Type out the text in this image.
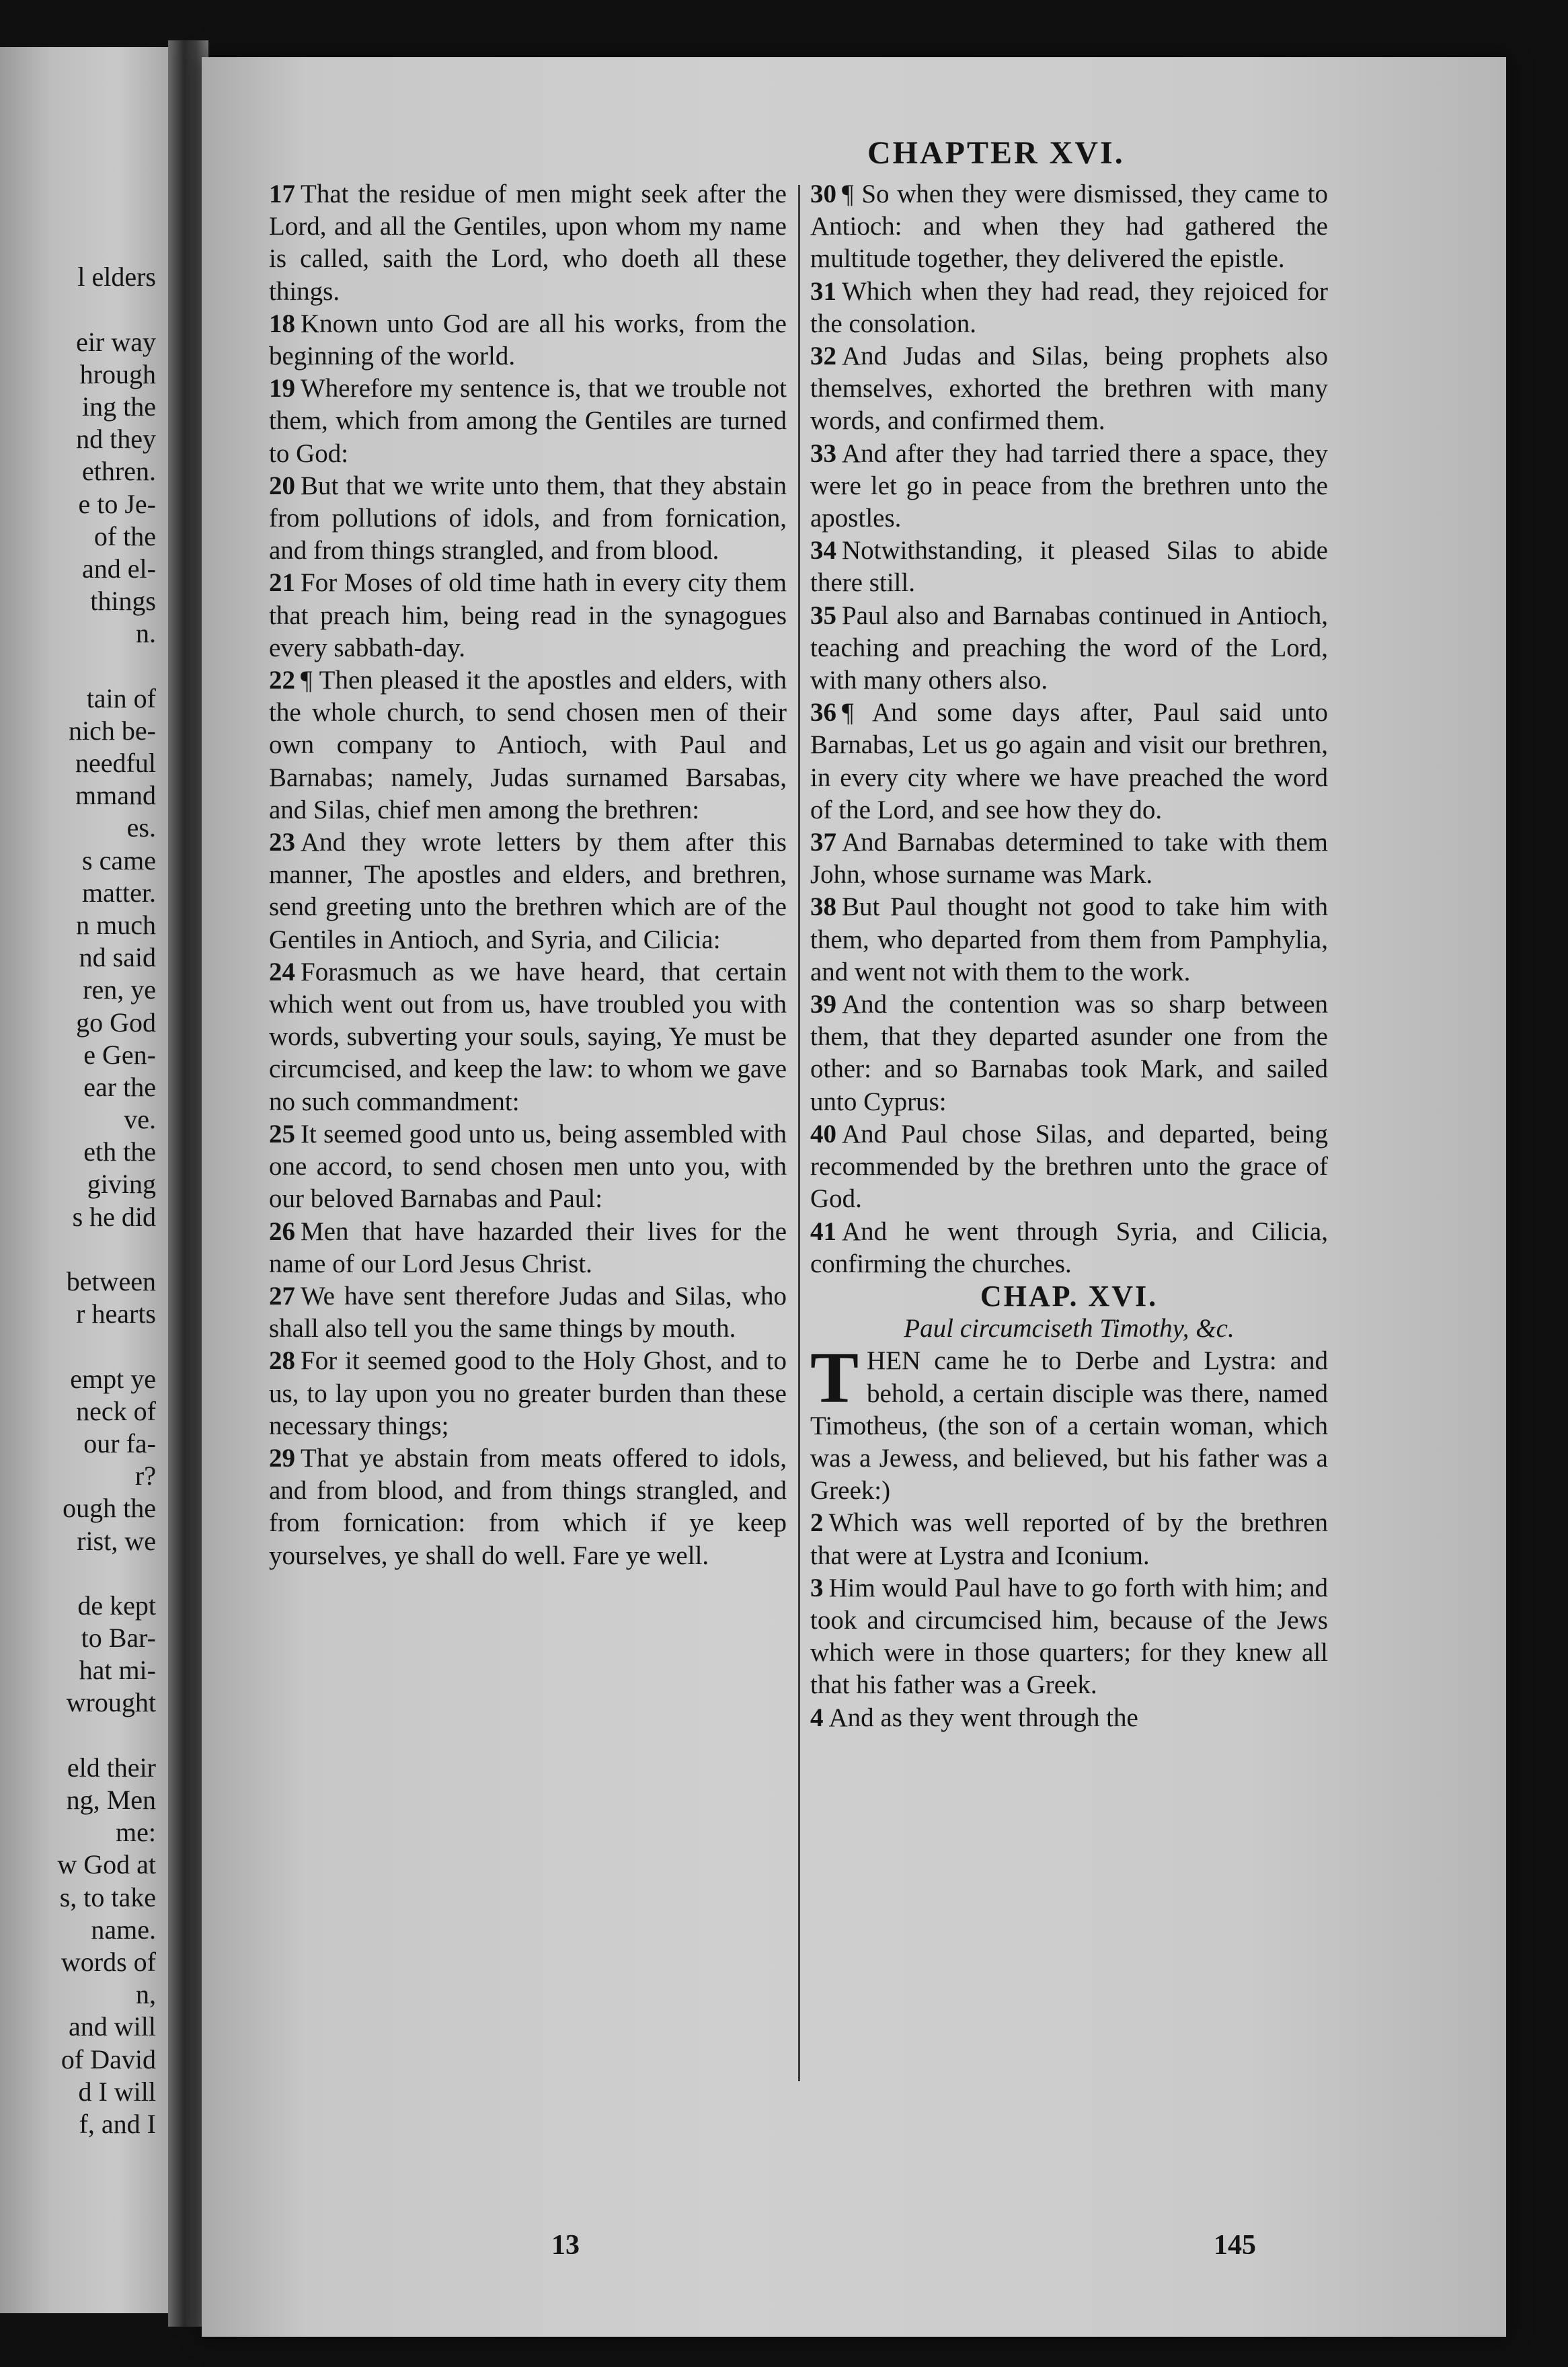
l elders
eir way
hrough
ing the
nd they
ethren.
e to Je-
of the
and el-
things
n.
tain of
nich be-
needful
mmand
es.
s came
matter.
n much
nd said
ren, ye
go God
e Gen-
ear the
ve.
eth the
giving
s he did
between
r hearts
empt ye
neck of
our fa-
r?
ough the
rist, we
de kept
to Bar-
hat mi-
wrought
eld their
ng, Men
me:
w God at
s, to take
name.
words of
n,
and will
of David
d I will
f, and I
CHAPTER XVI.

17 That the residue of men might seek after the Lord, and all the Gentiles, upon whom my name is called, saith the Lord, who doeth all these things.

18 Known unto God are all his works, from the beginning of the world.

19 Wherefore my sentence is, that we trouble not them, which from among the Gentiles are turned to God:

20 But that we write unto them, that they abstain from pollutions of idols, and from fornication, and from things strangled, and from blood.

21 For Moses of old time hath in every city them that preach him, being read in the synagogues every sabbath-day.

22 ¶ Then pleased it the apostles and elders, with the whole church, to send chosen men of their own company to Antioch, with Paul and Barnabas; namely, Judas surnamed Barsabas, and Silas, chief men among the brethren:

23 And they wrote letters by them after this manner, The apostles and elders, and brethren, send greeting unto the brethren which are of the Gentiles in Antioch, and Syria, and Cilicia:

24 Forasmuch as we have heard, that certain which went out from us, have troubled you with words, subverting your souls, saying, Ye must be circumcised, and keep the law: to whom we gave no such commandment:

25 It seemed good unto us, being assembled with one accord, to send chosen men unto you, with our beloved Barnabas and Paul:

26 Men that have hazarded their lives for the name of our Lord Jesus Christ.

27 We have sent therefore Judas and Silas, who shall also tell you the same things by mouth.

28 For it seemed good to the Holy Ghost, and to us, to lay upon you no greater burden than these necessary things;

29 That ye abstain from meats offered to idols, and from blood, and from things strangled, and from fornication: from which if ye keep yourselves, ye shall do well. Fare ye well.

30 ¶ So when they were dismissed, they came to Antioch: and when they had gathered the multitude together, they delivered the epistle.

31 Which when they had read, they rejoiced for the consolation.

32 And Judas and Silas, being prophets also themselves, exhorted the brethren with many words, and confirmed them.

33 And after they had tarried there a space, they were let go in peace from the brethren unto the apostles.

34 Notwithstanding, it pleased Silas to abide there still.

35 Paul also and Barnabas continued in Antioch, teaching and preaching the word of the Lord, with many others also.

36 ¶ And some days after, Paul said unto Barnabas, Let us go again and visit our brethren, in every city where we have preached the word of the Lord, and see how they do.

37 And Barnabas determined to take with them John, whose surname was Mark.

38 But Paul thought not good to take him with them, who departed from them from Pamphylia, and went not with them to the work.

39 And the contention was so sharp between them, that they departed asunder one from the other: and so Barnabas took Mark, and sailed unto Cyprus:

40 And Paul chose Silas, and departed, being recommended by the brethren unto the grace of God.

41 And he went through Syria, and Cilicia, confirming the churches.

CHAP. XVI.

Paul circumciseth Timothy, &c.

T HEN came he to Derbe and Lystra: and behold, a certain disciple was there, named Timotheus, (the son of a certain woman, which was a Jewess, and believed, but his father was a Greek:)

2 Which was well reported of by the brethren that were at Lystra and Iconium.

3 Him would Paul have to go forth with him; and took and circumcised him, because of the Jews which were in those quarters; for they knew all that his father was a Greek.

4 And as they went through the

13	145
